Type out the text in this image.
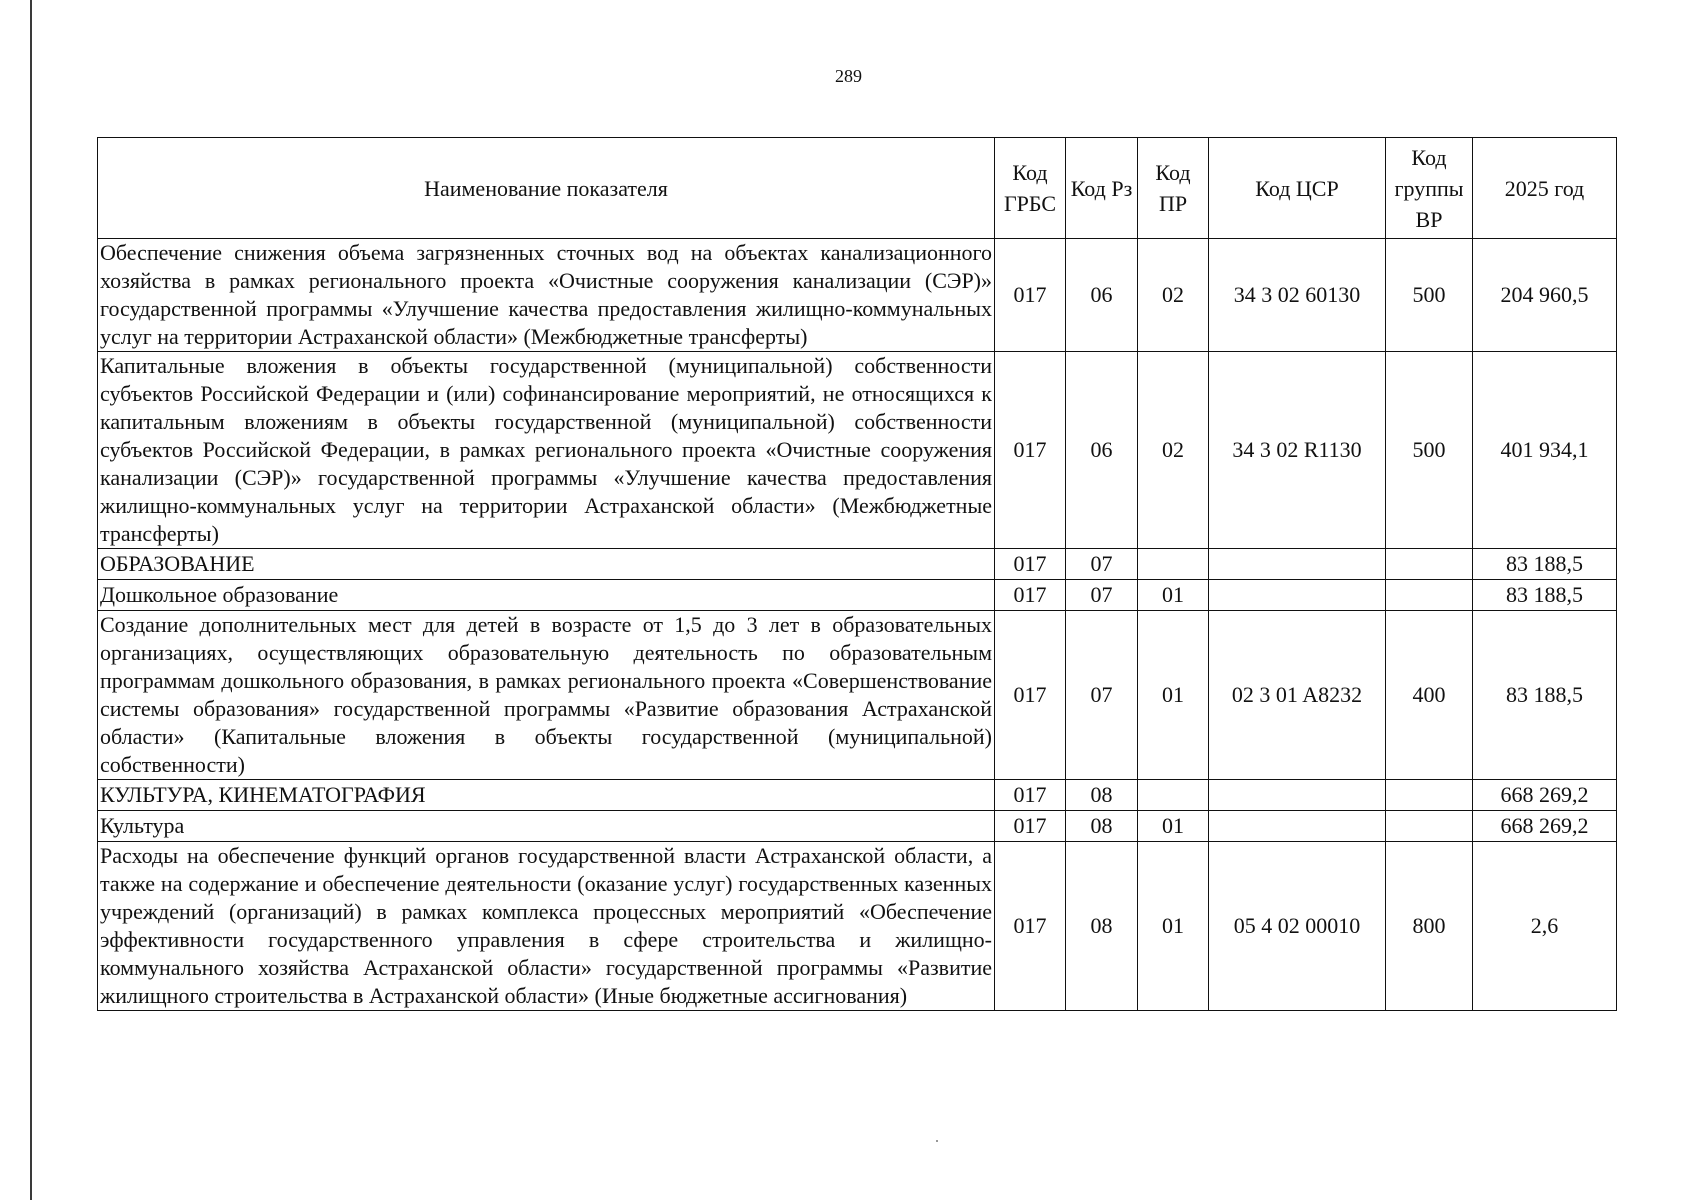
289
Наименование показателя	Код ГРБС	Код Рз	Код ПР	Код ЦСР	Код группы ВР	2025 год
Обеспечение снижения объема загрязненных сточных вод на объектах канализационного хозяйства в рамках регионального проекта «Очистные сооружения канализации (СЭР)» государственной программы «Улучшение качества предоставления жилищно-коммунальных услуг на территории Астраханской области» (Межбюджетные трансферты)	017	06	02	34 3 02 60130	500	204 960,5
Капитальные вложения в объекты государственной (муниципальной) собственности субъектов Российской Федерации и (или) софинансирование мероприятий, не относящихся к капитальным вложениям в объекты государственной (муниципальной) собственности субъектов Российской Федерации, в рамках регионального проекта «Очистные сооружения канализации (СЭР)» государственной программы «Улучшение качества предоставления жилищно-коммунальных услуг на территории Астраханской области» (Межбюджетные трансферты)	017	06	02	34 3 02 R1130	500	401 934,1
ОБРАЗОВАНИЕ	017	07				83 188,5
Дошкольное образование	017	07	01			83 188,5
Создание дополнительных мест для детей в возрасте от 1,5 до 3 лет в образовательных организациях, осуществляющих образовательную деятельность по образовательным программам дошкольного образования, в рамках регионального проекта «Совершенствование системы образования» государственной программы «Развитие образования Астраханской области» (Капитальные вложения в объекты государственной (муниципальной) собственности)	017	07	01	02 3 01 A8232	400	83 188,5
КУЛЬТУРА, КИНЕМАТОГРАФИЯ	017	08				668 269,2
Культура	017	08	01			668 269,2
Расходы на обеспечение функций органов государственной власти Астраханской области, а также на содержание и обеспечение деятельности (оказание услуг) государственных казенных учреждений (организаций) в рамках комплекса процессных мероприятий «Обеспечение эффективности государственного управления в сфере строительства и жилищно-коммунального хозяйства Астраханской области» государственной программы «Развитие жилищного строительства в Астраханской области» (Иные бюджетные ассигнования)	017	08	01	05 4 02 00010	800	2,6
